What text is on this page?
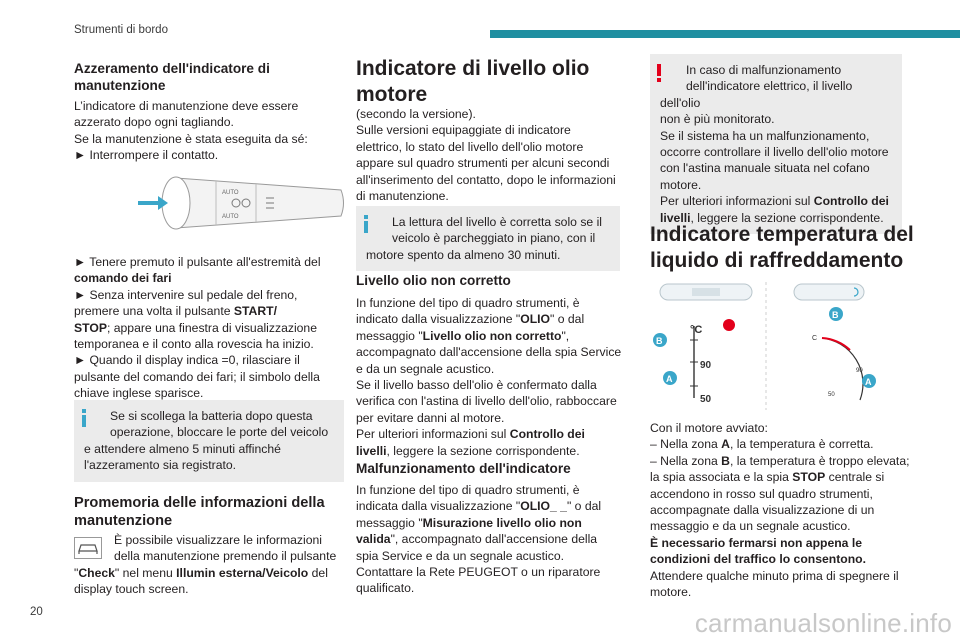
Strumenti di bordo
20	carmanualsonline.info
Azzeramento dell'indicatore di
manutenzione
L’indicatore di manutenzione deve essere
azzerato dopo ogni tagliando.
Se la manutenzione è stata eseguita da sé:
► Interrompere il contatto.
AUTO
AUTO
► Tenere premuto il pulsante all'estremità del
comando dei fari
► Senza intervenire sul pedale del freno,
premere una volta il pulsante START/
STOP; appare una finestra di visualizzazione
temporanea e il conto alla rovescia ha inizio.
► Quando il display indica =0, rilasciare il
pulsante del comando dei fari; il simbolo della
chiave inglese sparisce.
Se si scollega la batteria dopo questa
operazione, bloccare le porte del veicolo
e attendere almeno 5 minuti affinché
l'azzeramento sia registrato.
Promemoria delle informazioni della
manutenzione
È possibile visualizzare le informazioni
della manutenzione premendo il pulsante
"Check" nel menu Illumin esterna/Veicolo del
display touch screen.
Indicatore di livello olio
motore
(secondo la versione).
Sulle versioni equipaggiate di indicatore
elettrico, lo stato del livello dell'olio motore
appare sul quadro strumenti per alcuni secondi
all'inserimento del contatto, dopo le informazioni
di manutenzione.
La lettura del livello è corretta solo se il
veicolo è parcheggiato in piano, con il
motore spento da almeno 30 minuti.
Livello olio non corretto
In funzione del tipo di quadro strumenti, è
indicato dalla visualizzazione "OLIO" o dal
messaggio "Livello olio non corretto",
accompagnato dall'accensione della spia Service
e da un segnale acustico.
Se il livello basso dell'olio è confermato dalla
verifica con l'astina di livello dell'olio, rabboccare
per evitare danni al motore.
Per ulteriori informazioni sul Controllo dei
livelli, leggere la sezione corrispondente.
Malfunzionamento dell'indicatore
In funzione del tipo di quadro strumenti, è
indicata dalla visualizzazione "OLIO_ _" o dal
messaggio "Misurazione livello olio non
valida", accompagnato dall'accensione della
spia Service e da un segnale acustico.
Contattare la Rete PEUGEOT o un riparatore
qualificato.
In caso di malfunzionamento
dell'indicatore elettrico, il livello dell'olio
non è più monitorato.
Se il sistema ha un malfunzionamento,
occorre controllare il livello dell'olio motore
con l'astina manuale situata nel cofano
motore.
Per ulteriori informazioni sul Controllo dei
livelli, leggere la sezione corrispondente.
Indicatore temperatura del
liquido di raffreddamento
°C
90
50
B
A
C
90
50
B
A
Con il motore avviato:
– Nella zona A, la temperatura è corretta.
– Nella zona B, la temperatura è troppo elevata;
la spia associata e la spia STOP centrale si
accendono in rosso sul quadro strumenti,
accompagnate dalla visualizzazione di un
messaggio e da un segnale acustico.
È necessario fermarsi non appena le
condizioni del traffico lo consentono.
Attendere qualche minuto prima di spegnere il
motore.
